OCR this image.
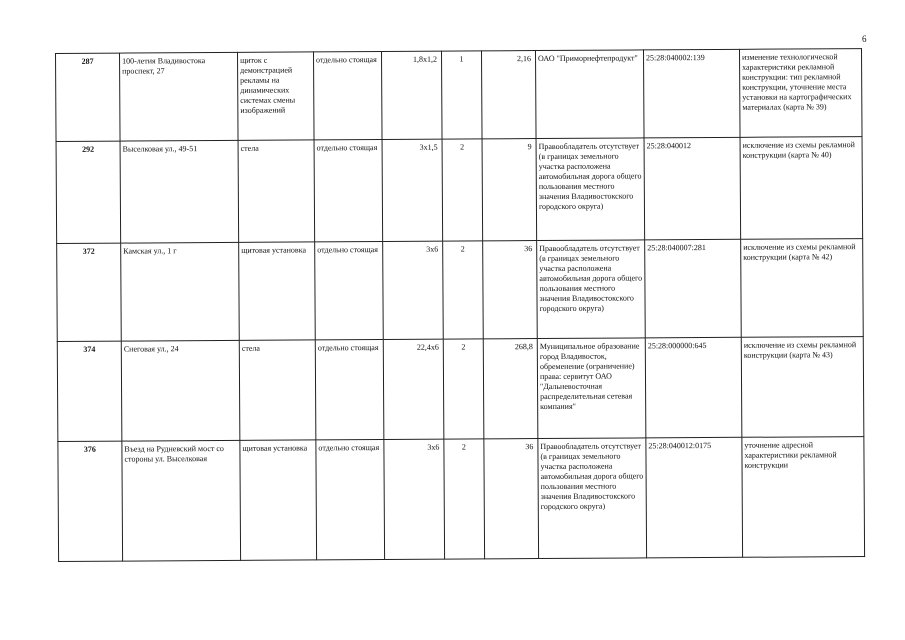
6
287	100-летия Владивостока проспект, 27	щиток с демонстрацией рекламы на динамических системах смены изображений	отдельно стоящая	1,8x1,2	1	2,16	ОАО "Приморнефтепродукт"	25:28:040002:139	изменение технологической характеристики рекламной конструкции: тип рекламной конструкции, уточнение места установки на картографических материалах (карта № 39)
292	Выселковая ул., 49-51	стела	отдельно стоящая	3x1,5	2	9	Правообладатель отсутствует (в границах земельного участка расположена автомобильная дорога общего пользования местного значения Владивостокского городского округа)	25:28:040012	исключение из схемы рекламной конструкции (карта № 40)
372	Камская ул., 1 г	щитовая установка	отдельно стоящая	3x6	2	36	Правообладатель отсутствует (в границах земельного участка расположена автомобильная дорога общего пользования местного значения Владивостокского городского округа)	25:28:040007:281	исключение из схемы рекламной конструкции (карта № 42)
374	Снеговая ул., 24	стела	отдельно стоящая	22,4x6	2	268,8	Муниципальное образование город Владивосток, обременение (ограничение) права: сервитут ОАО "Дальневосточная распределительная сетевая компания"	25:28:000000:645	исключение из схемы рекламной конструкции (карта № 43)
376	Въезд на Рудневский мост со стороны ул. Выселковая	щитовая установка	отдельно стоящая	3x6	2	36	Правообладатель отсутствует (в границах земельного участка расположена автомобильная дорога общего пользования местного значения Владивостокского городского округа)	25:28:040012:0175	уточнение адресной характеристики рекламной конструкции
